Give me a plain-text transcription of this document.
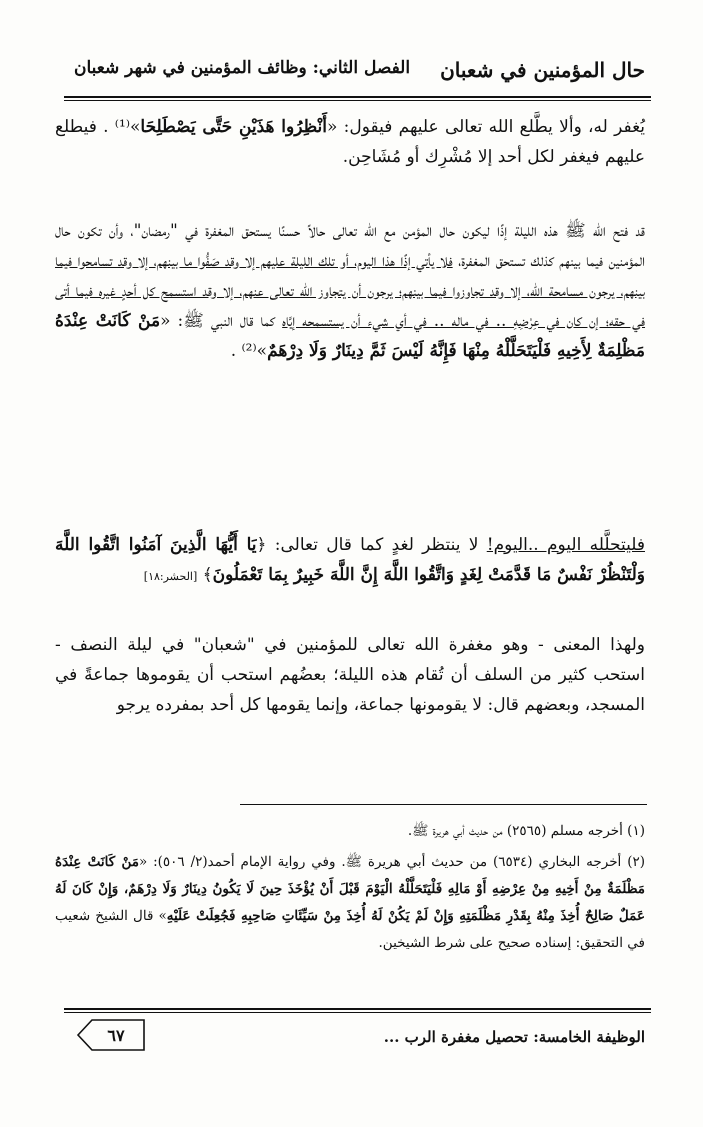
حال المؤمنين في شعبان
الفصل الثاني: وظائف المؤمنين في شهر شعبان
يُغفر له، وألا يطَّلع الله تعالى عليهم فيقول: «أَنْظِرُوا هَذَيْنِ حَتَّى يَصْطَلِحَا»⁽¹⁾ . فيطلع عليهم فيغفر لكل أحد إلا مُشْرِك أو مُشَاحِن.
قد فتح الله ﷺ هذه الليلة إذًا ليكون حال المؤمن مع الله تعالى حالاً حسنًا يستحق المغفرة في "رمضان"، وأن تكون حال المؤمنين فيما بينهم كذلك تستحق المغفرة، فلا يأتي إذًا هذا اليوم، أو تلك الليلة عليهم إلا وقد صَفُّوا ما بينهم، إلا وقد تسامحوا فيما بينهم، يرجون مسامحة الله، إلا وقد تجاوزوا فيما بينهم؛ يرجون أن يتجاوز الله تعالى عنهم، إلا وقد استسمح كل أحدٍ غيره فيما أتى في حقه؛ إن كان في عِرْضِهِ .. في ماله .. في أي شيء أن يستسمحه إيَّاه كما قال النبي ﷺ: «مَنْ كَانَتْ عِنْدَهُ مَظْلِمَةٌ لِأَخِيهِ فَلْيَتَحَلَّلْهُ مِنْهَا فَإِنَّهُ لَيْسَ ثَمَّ دِينَارٌ وَلَا دِرْهَمٌ»⁽²⁾ .
فليتحلَّله اليوم ..اليوم! لا ينتظر لغدٍ كما قال تعالى: ﴿يَا أَيُّهَا الَّذِينَ آمَنُوا اتَّقُوا اللَّهَ وَلْتَنْظُرْ نَفْسٌ مَا قَدَّمَتْ لِغَدٍ وَاتَّقُوا اللَّهَ إِنَّ اللَّهَ خَبِيرٌ بِمَا تَعْمَلُونَ﴾ [الحشر:١٨]
ولهذا المعنى - وهو مغفرة الله تعالى للمؤمنين في "شعبان" في ليلة النصف - استحب كثير من السلف أن تُقام هذه الليلة؛ بعضُهم استحب أن يقوموها جماعةً في المسجد، وبعضهم قال: لا يقومونها جماعة، وإنما يقومها كل أحد بمفرده يرجو
(١) أخرجه مسلم (٢٥٦٥) من حديث أبي هريرة ﷺ.
(٢) أخرجه البخاري (٦٥٣٤) من حديث أبي هريرة ﷺ. وفي رواية الإمام أحمد(٢/ ٥٠٦): «مَنْ كَانَتْ عِنْدَهُ مَظْلَمَةٌ مِنْ أَخِيهِ مِنْ عِرْضِهِ أَوْ مَالِهِ فَلْيَتَحَلَّلْهُ الْيَوْمَ قَبْلَ أَنْ يُؤْخَذَ حِينَ لَا يَكُونُ دِينَارٌ وَلَا دِرْهَمٌ، وَإِنْ كَانَ لَهُ عَمَلٌ صَالِحٌ أُخِذَ مِنْهُ بِقَدْرِ مَظْلَمَتِهِ وَإِنْ لَمْ يَكُنْ لَهُ أُخِذَ مِنْ سَيِّئَاتِ صَاحِبِهِ فَجُعِلَتْ عَلَيْهِ» قال الشيخ شعيب في التحقيق: إسناده صحيح على شرط الشيخين.
الوظيفة الخامسة: تحصيل مغفرة الرب ...
٦٧
